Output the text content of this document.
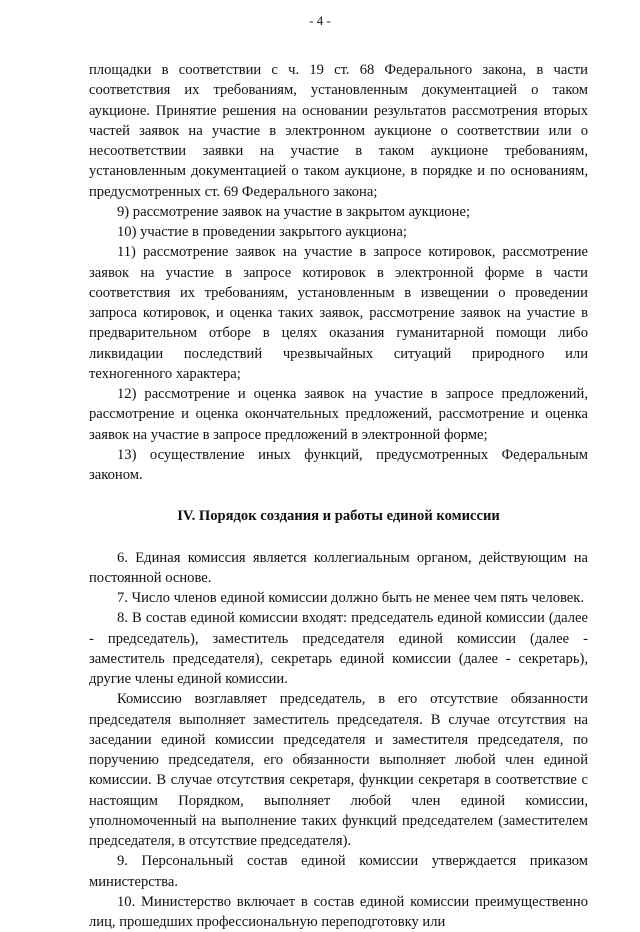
- 4 -

площадки в соответствии с ч. 19 ст. 68 Федерального закона, в части соответствия их требованиям, установленным документацией о таком аукционе. Принятие решения на основании результатов рассмотрения вторых частей заявок на участие в электронном аукционе о соответствии или о несоответствии заявки на участие в таком аукционе требованиям, установленным документацией о таком аукционе, в порядке и по основаниям, предусмотренных ст. 69 Федерального закона;

9) рассмотрение заявок на участие в закрытом аукционе;

10) участие в проведении закрытого аукциона;

11) рассмотрение заявок на участие в запросе котировок, рассмотрение заявок на участие в запросе котировок в электронной форме в части соответствия их требованиям, установленным в извещении о проведении запроса котировок, и оценка таких заявок, рассмотрение заявок на участие в предварительном отборе в целях оказания гуманитарной помощи либо ликвидации последствий чрезвычайных ситуаций природного или техногенного характера;

12) рассмотрение и оценка заявок на участие в запросе предложений, рассмотрение и оценка окончательных предложений, рассмотрение и оценка заявок на участие в запросе предложений в электронной форме;

13) осуществление иных функций, предусмотренных Федеральным законом.

IV. Порядок создания и работы единой комиссии

6. Единая комиссия является коллегиальным органом, действующим на постоянной основе.

7. Число членов единой комиссии должно быть не менее чем пять человек.

8. В состав единой комиссии входят: председатель единой комиссии (далее - председатель), заместитель председателя единой комиссии (далее - заместитель председателя), секретарь единой комиссии (далее - секретарь), другие члены единой комиссии.

Комиссию возглавляет председатель, в его отсутствие обязанности председателя выполняет заместитель председателя. В случае отсутствия на заседании единой комиссии председателя и заместителя председателя, по поручению председателя, его обязанности выполняет любой член единой комиссии. В случае отсутствия секретаря, функции секретаря в соответствие с настоящим Порядком, выполняет любой член единой комиссии, уполномоченный на выполнение таких функций председателем (заместителем председателя, в отсутствие председателя).

9. Персональный состав единой комиссии утверждается приказом министерства.

10. Министерство включает в состав единой комиссии преимущественно лиц, прошедших профессиональную переподготовку или
